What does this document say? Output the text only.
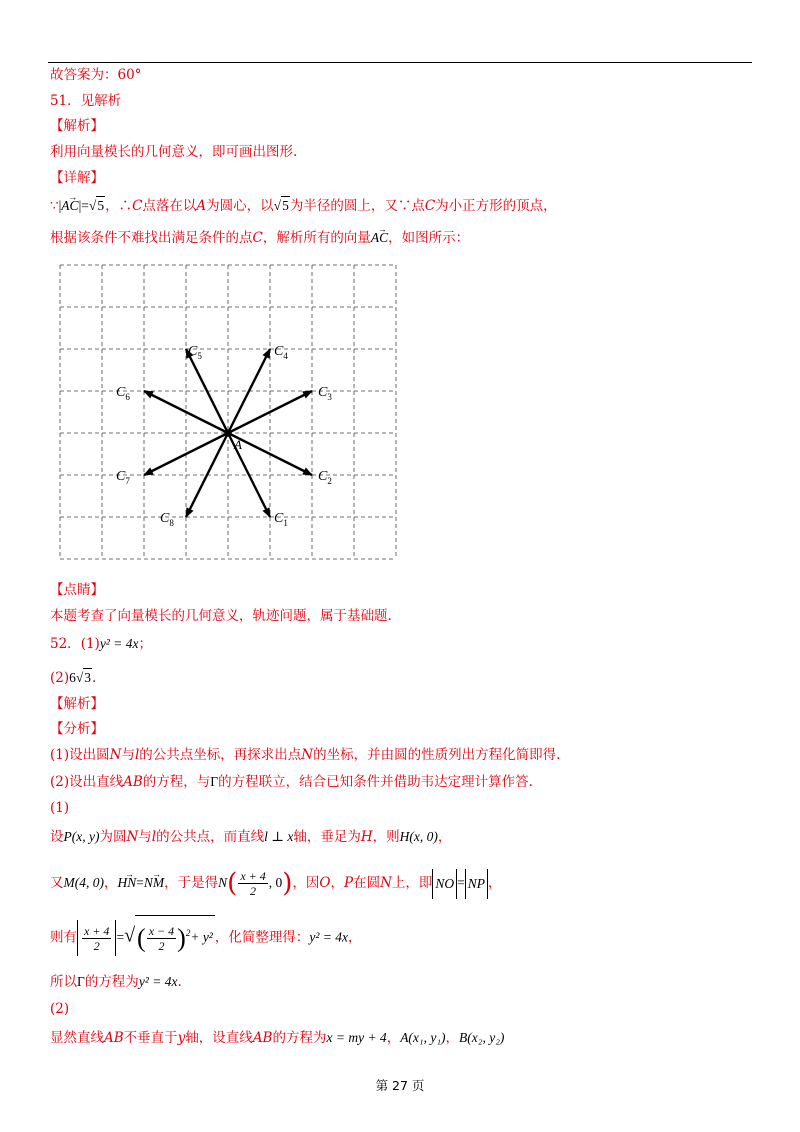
故答案为：60°
51．见解析
【解析】
利用向量模长的几何意义，即可画出图形.
【详解】
∵|AC →|=√5，∴C点落在以A为圆心，以√5为半径的圆上，又∵点C为小正方形的顶点，
根据该条件不难找出满足条件的点C，解析所有的向量AC →，如图所示：
$C_1$
$C_2$
$C_3$
$C_4$
$C_5$
$C_6$
$C_7$
$C_8$
A
【点睛】
本题考查了向量模长的几何意义，轨迹问题，属于基础题.
52．(1)y² = 4x；
(2)6√3.
【解析】
【分析】
(1)设出圆N与l的公共点坐标，再探求出点N的坐标，并由圆的性质列出方程化简即得.
(2)设出直线AB的方程，与Γ的方程联立，结合已知条件并借助韦达定理计算作答.
(1)
设P(x, y)为圆N与l的公共点，而直线l ⊥ x轴，垂足为H，则H(x, 0)，
又M(4, 0)，HN →=NM →，于是得$N( \frac{x + 4}{2}$ , 0)，因O，P在圆N上，即 NO = NP ，
则有 $\frac{x + 4}{2}$ =√( $\frac{x - 4}{2} )^2+ y^2$ ，化简整理得：y² = 4x，
所以Γ的方程为y² = 4x.
(2)
显然直线AB不垂直于y轴，设直线AB的方程为x = my + 4，A(x₁, y₁)，B(x₂, y₂)
第 27 页
